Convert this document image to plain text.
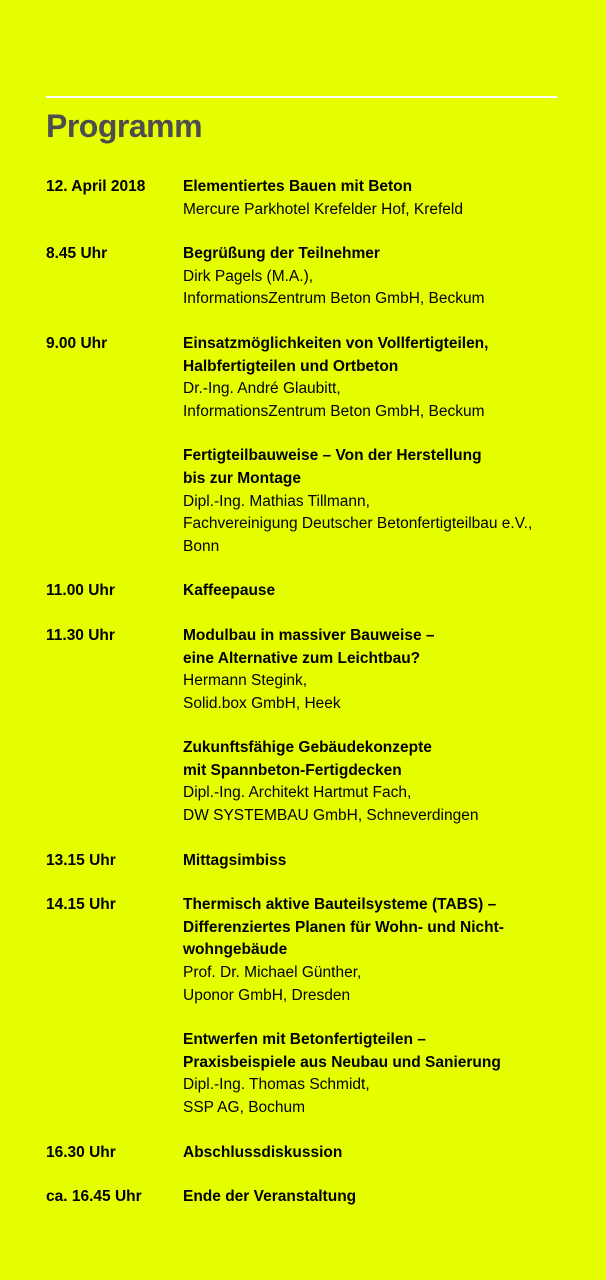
Programm
12. April 2018	Elementiertes Bauen mit Beton
Mercure Parkhotel Krefelder Hof, Krefeld
8.45 Uhr	Begrüßung der Teilnehmer
Dirk Pagels (M.A.),
InformationsZentrum Beton GmbH, Beckum
9.00 Uhr	Einsatzmöglichkeiten von Vollfertigteilen,
Halbfertigteilen und Ortbeton
Dr.-Ing. André Glaubitt,
InformationsZentrum Beton GmbH, Beckum
Fertigteilbauweise – Von der Herstellung
bis zur Montage
Dipl.-Ing. Mathias Tillmann,
Fachvereinigung Deutscher Betonfertigteilbau e.V.,
Bonn
11.00 Uhr	Kaffeepause
11.30 Uhr	Modulbau in massiver Bauweise –
eine Alternative zum Leichtbau?
Hermann Stegink,
Solid.box GmbH, Heek
Zukunftsfähige Gebäudekonzepte
mit Spannbeton-Fertigdecken
Dipl.-Ing. Architekt Hartmut Fach,
DW SYSTEMBAU GmbH, Schneverdingen
13.15 Uhr	Mittagsimbiss
14.15 Uhr	Thermisch aktive Bauteilsysteme (TABS) –
Differenziertes Planen für Wohn- und Nicht-
wohngebäude
Prof. Dr. Michael Günther,
Uponor GmbH, Dresden
Entwerfen mit Betonfertigteilen –
Praxisbeispiele aus Neubau und Sanierung
Dipl.-Ing. Thomas Schmidt,
SSP AG, Bochum
16.30 Uhr	Abschlussdiskussion
ca. 16.45 Uhr	Ende der Veranstaltung
